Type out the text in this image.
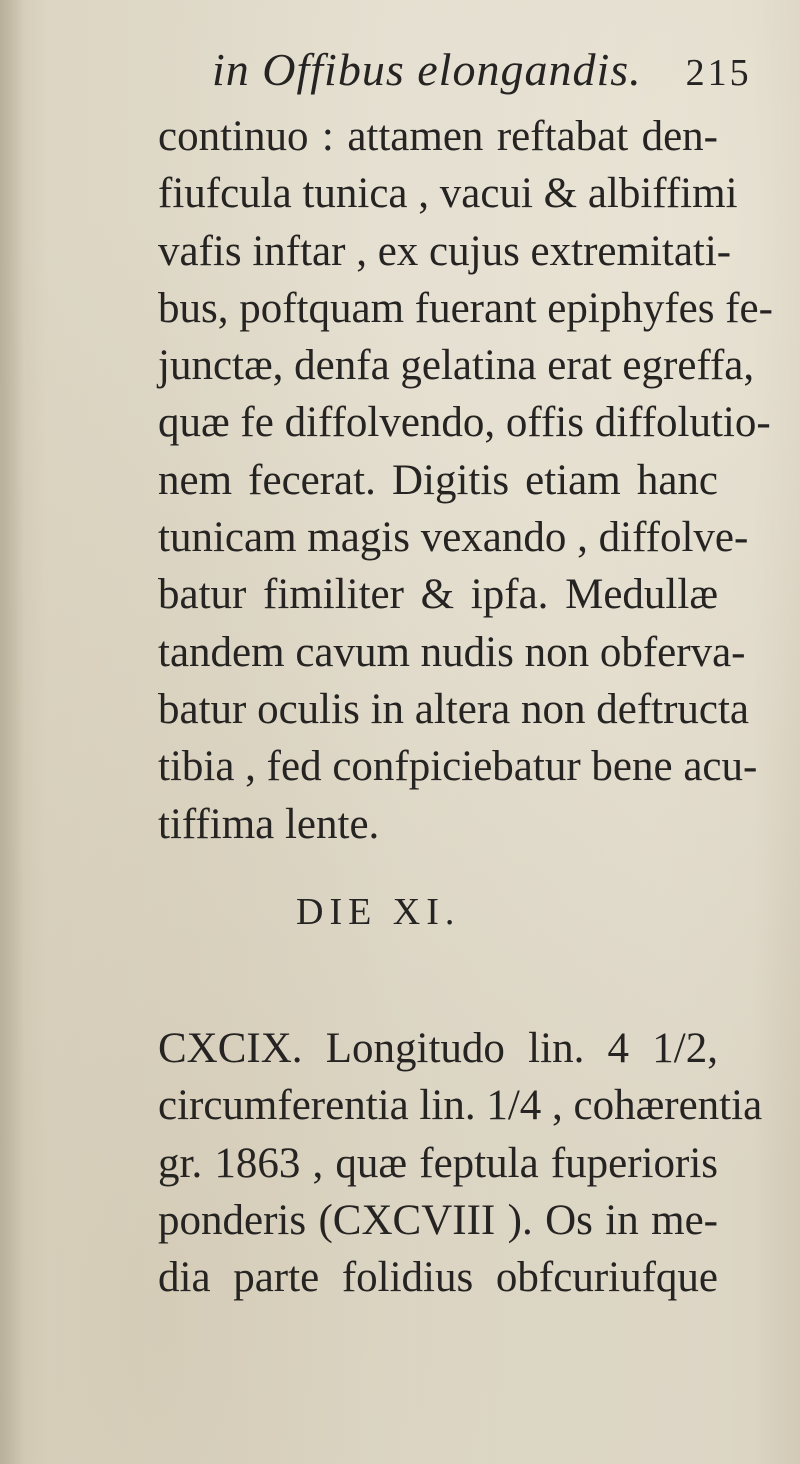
in Offibus elongandis. 215
continuo : attamen reftabat den-
fiufcula tunica , vacui & albiffimi
vafis inftar , ex cujus extremitati-
bus, poftquam fuerant epiphyfes fe-
junctæ, denfa gelatina erat egreffa,
quæ fe diffolvendo, offis diffolutio-
nem fecerat. Digitis etiam hanc
tunicam magis vexando , diffolve-
batur fimiliter & ipfa. Medullæ
tandem cavum nudis non obferva-
batur oculis in altera non deftructa
tibia , fed confpiciebatur bene acu-
tiffima lente.
DIE XI.
CXCIX. Longitudo lin. 4 1/2,
circumferentia lin. 1/4 , cohærentia
gr. 1863 , quæ feptula fuperioris
ponderis (CXCVIII ). Os in me-
dia parte folidius obfcuriufque
